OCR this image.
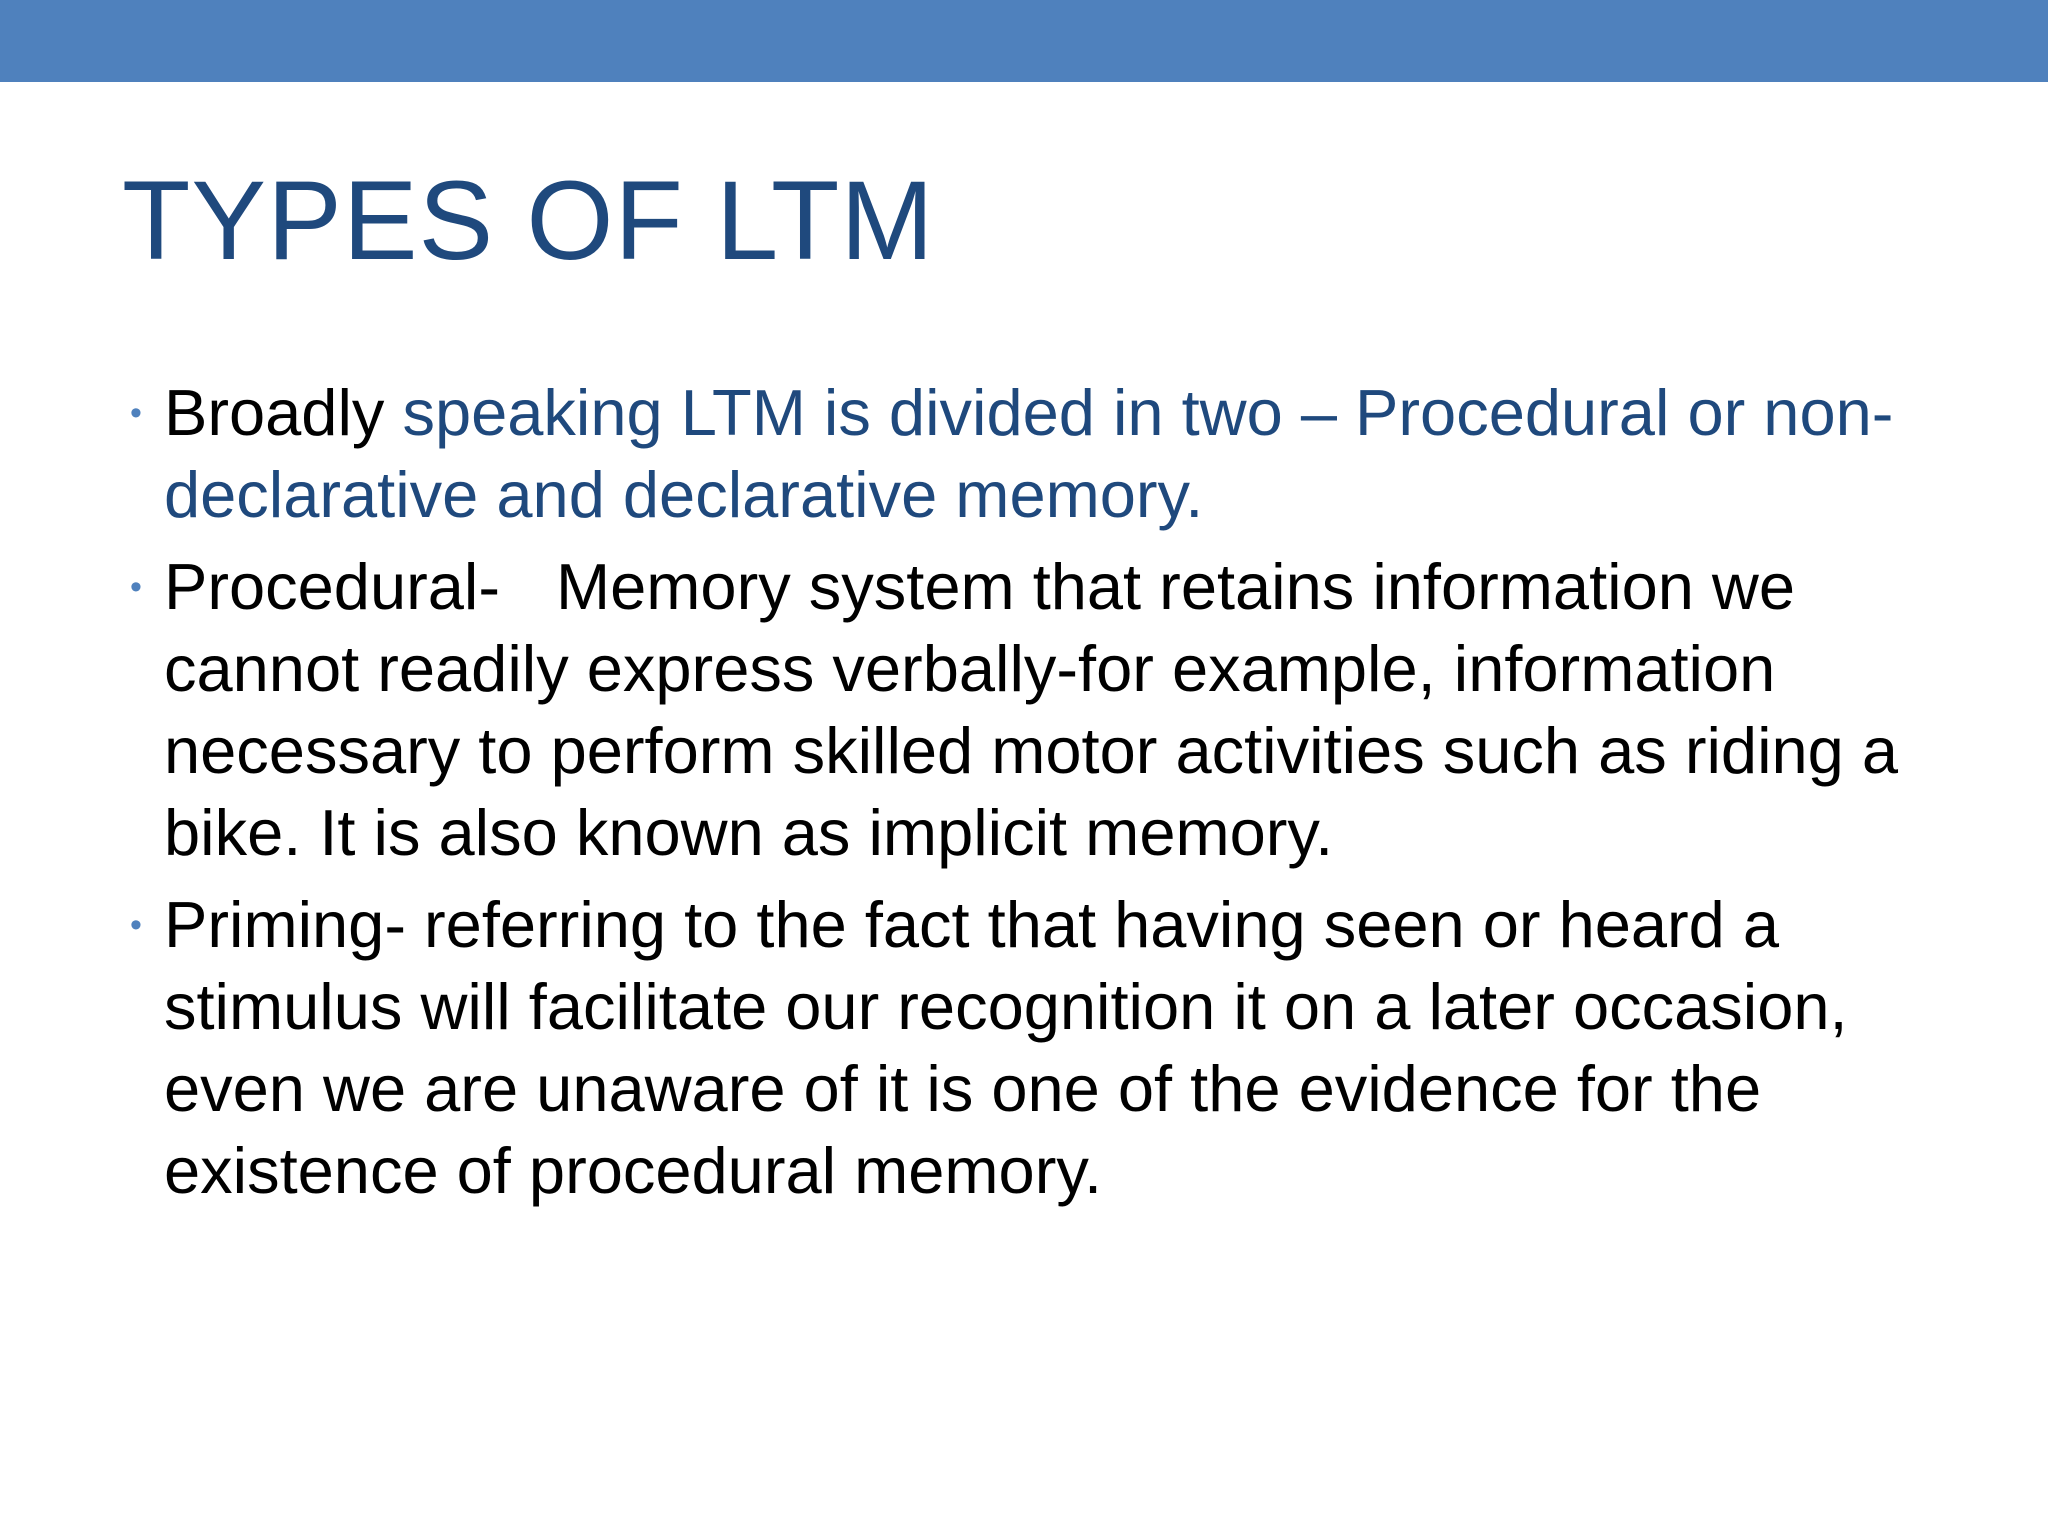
TYPES OF LTM
• Broadly speaking LTM is divided in two – Procedural or non-declarative and declarative memory.
• Procedural- Memory system that retains information we cannot readily express verbally-for example, information necessary to perform skilled motor activities such as riding a bike. It is also known as implicit memory.
• Priming- referring to the fact that having seen or heard a stimulus will facilitate our recognition it on a later occasion, even we are unaware of it is one of the evidence for the existence of procedural memory.
